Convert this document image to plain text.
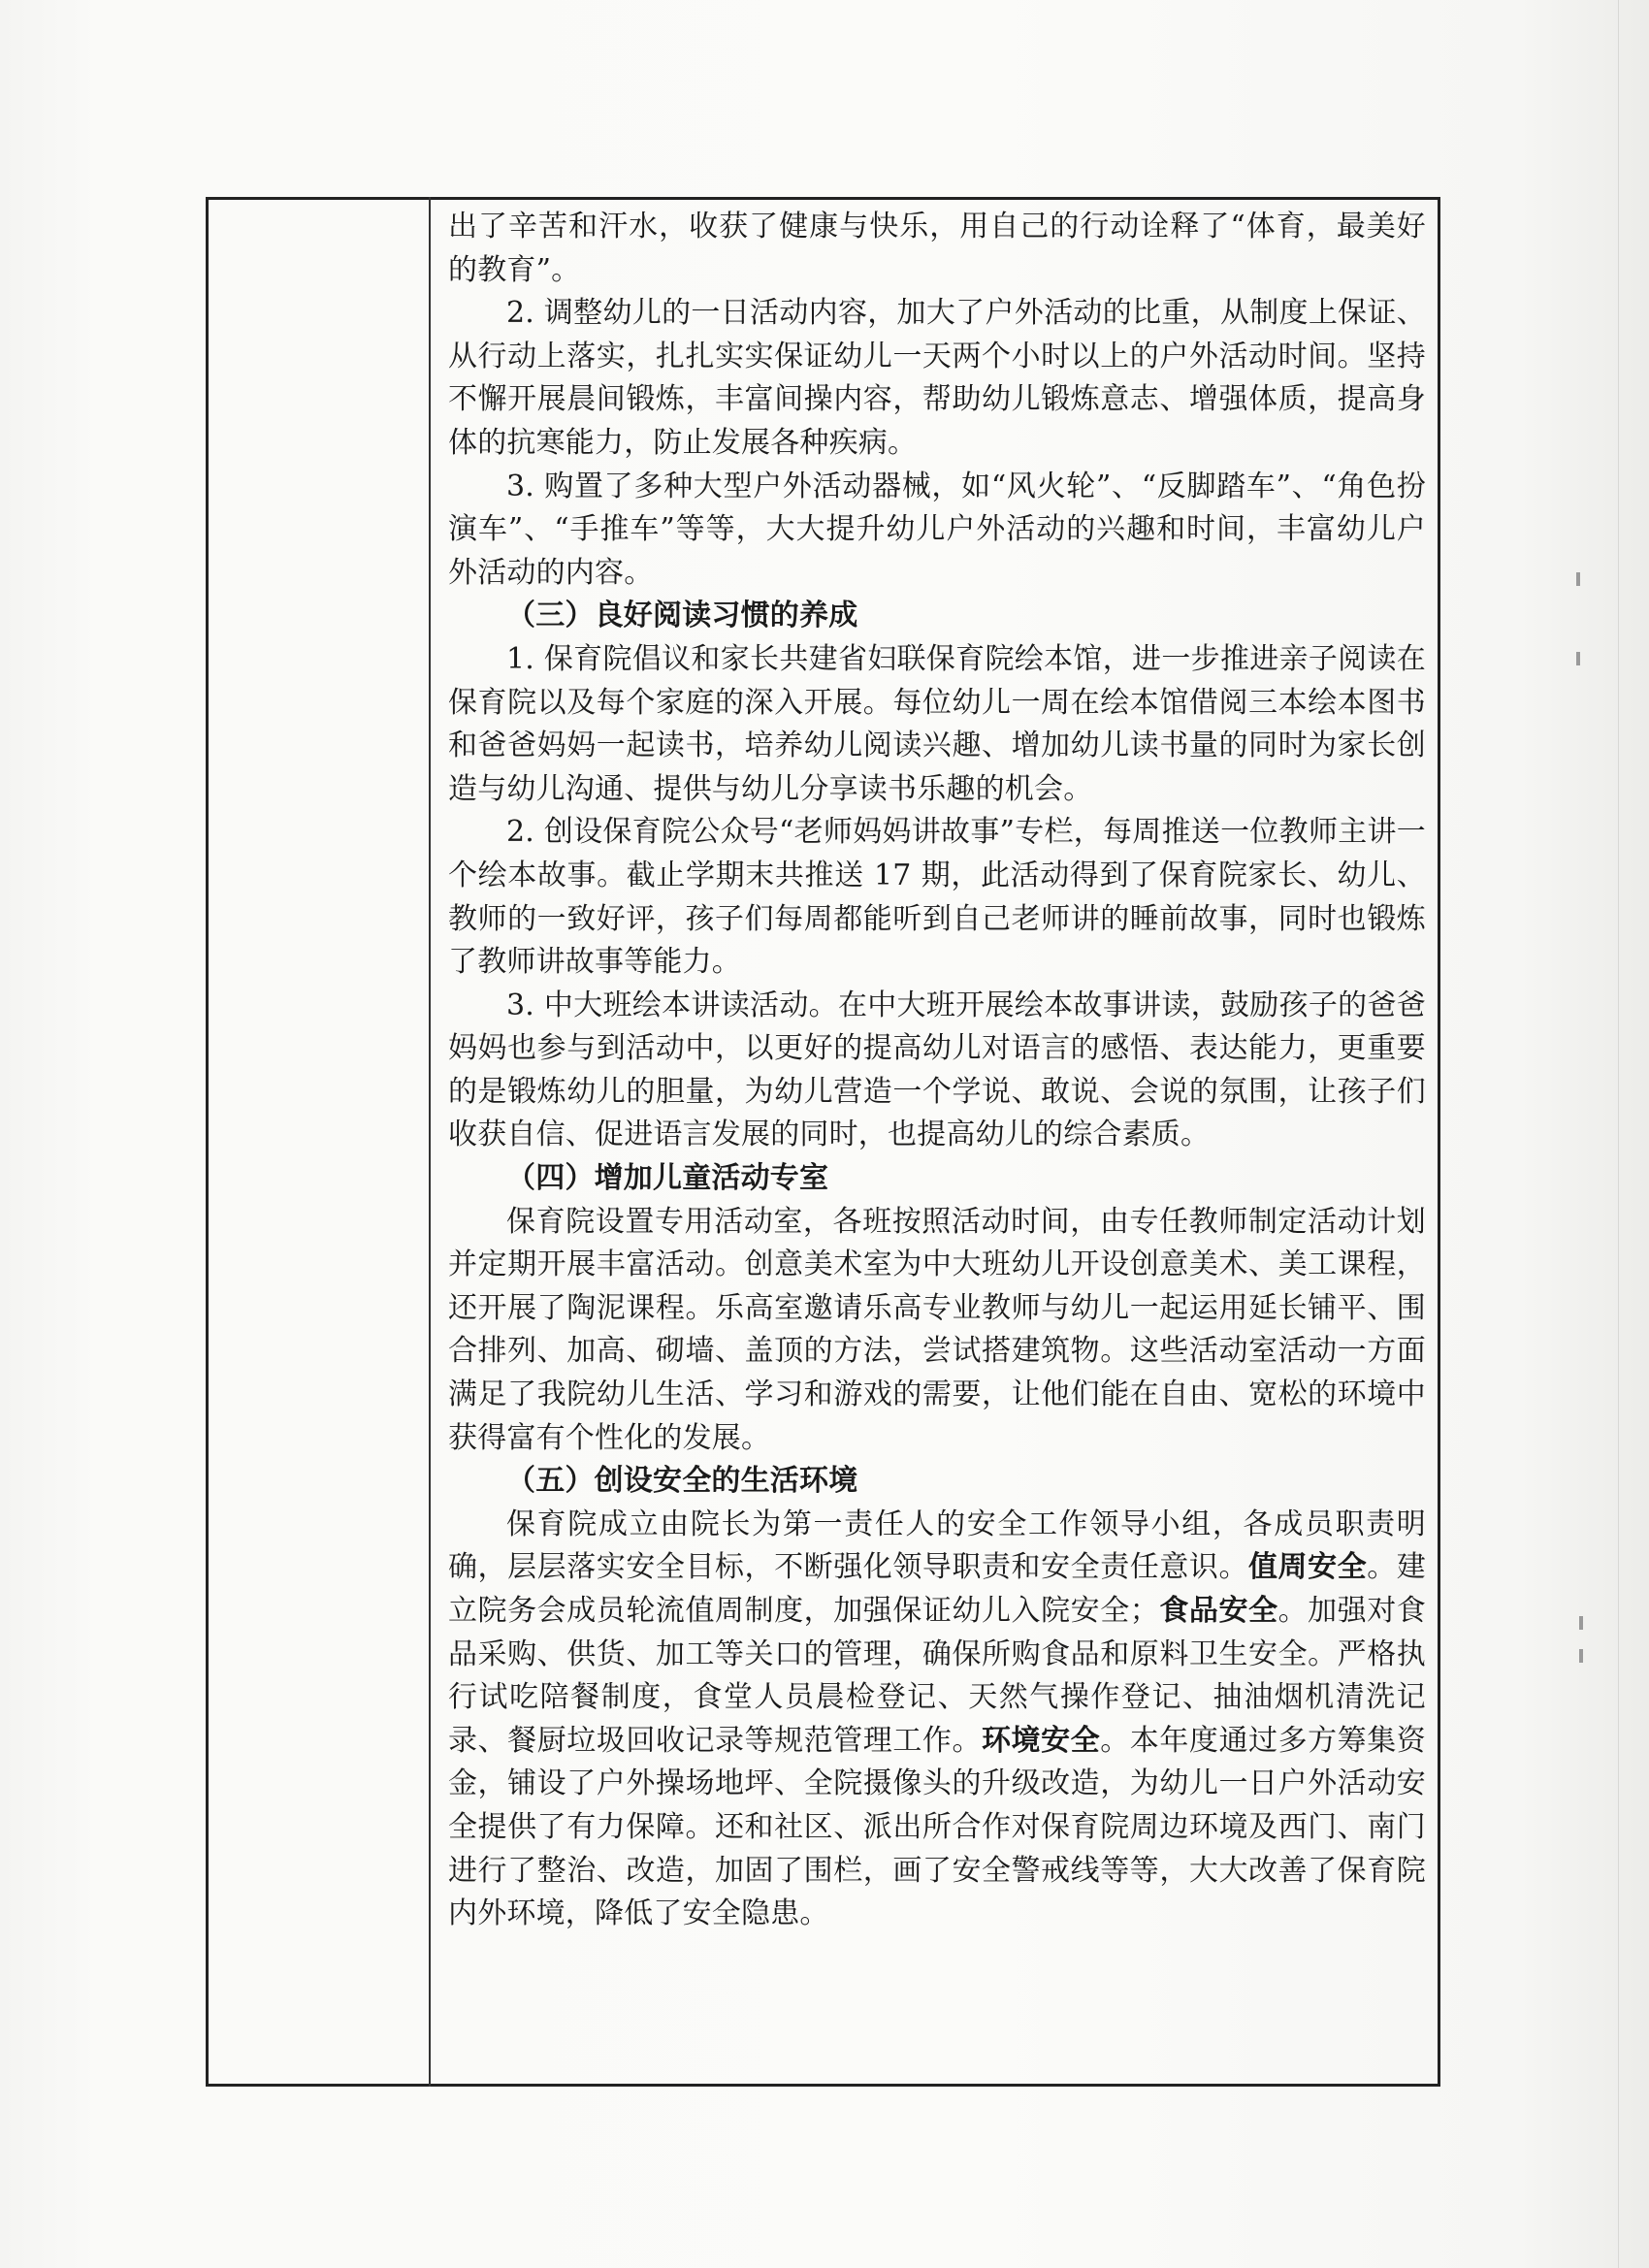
出了辛苦和汗水，收获了健康与快乐，用自己的行动诠释了“体育，最美好的教育”。

2. 调整幼儿的一日活动内容，加大了户外活动的比重，从制度上保证、从行动上落实，扎扎实实保证幼儿一天两个小时以上的户外活动时间。坚持不懈开展晨间锻炼，丰富间操内容，帮助幼儿锻炼意志、增强体质，提高身体的抗寒能力，防止发展各种疾病。

3. 购置了多种大型户外活动器械，如“风火轮”、“反脚踏车”、“角色扮演车”、“手推车”等等，大大提升幼儿户外活动的兴趣和时间，丰富幼儿户外活动的内容。

（三）良好阅读习惯的养成

1. 保育院倡议和家长共建省妇联保育院绘本馆，进一步推进亲子阅读在保育院以及每个家庭的深入开展。每位幼儿一周在绘本馆借阅三本绘本图书和爸爸妈妈一起读书，培养幼儿阅读兴趣、增加幼儿读书量的同时为家长创造与幼儿沟通、提供与幼儿分享读书乐趣的机会。

2. 创设保育院公众号“老师妈妈讲故事”专栏，每周推送一位教师主讲一个绘本故事。截止学期末共推送 17 期，此活动得到了保育院家长、幼儿、教师的一致好评，孩子们每周都能听到自己老师讲的睡前故事，同时也锻炼了教师讲故事等能力。

3. 中大班绘本讲读活动。在中大班开展绘本故事讲读，鼓励孩子的爸爸妈妈也参与到活动中，以更好的提高幼儿对语言的感悟、表达能力，更重要的是锻炼幼儿的胆量，为幼儿营造一个学说、敢说、会说的氛围，让孩子们收获自信、促进语言发展的同时，也提高幼儿的综合素质。

（四）增加儿童活动专室

保育院设置专用活动室，各班按照活动时间，由专任教师制定活动计划并定期开展丰富活动。创意美术室为中大班幼儿开设创意美术、美工课程，还开展了陶泥课程。乐高室邀请乐高专业教师与幼儿一起运用延长铺平、围合排列、加高、砌墙、盖顶的方法，尝试搭建筑物。这些活动室活动一方面满足了我院幼儿生活、学习和游戏的需要，让他们能在自由、宽松的环境中获得富有个性化的发展。

（五）创设安全的生活环境

保育院成立由院长为第一责任人的安全工作领导小组，各成员职责明确，层层落实安全目标，不断强化领导职责和安全责任意识。值周安全。建立院务会成员轮流值周制度，加强保证幼儿入院安全；食品安全。加强对食品采购、供货、加工等关口的管理，确保所购食品和原料卫生安全。严格执行试吃陪餐制度，食堂人员晨检登记、天然气操作登记、抽油烟机清洗记录、餐厨垃圾回收记录等规范管理工作。环境安全。本年度通过多方筹集资金，铺设了户外操场地坪、全院摄像头的升级改造，为幼儿一日户外活动安全提供了有力保障。还和社区、派出所合作对保育院周边环境及西门、南门进行了整治、改造，加固了围栏，画了安全警戒线等等，大大改善了保育院内外环境，降低了安全隐患。
